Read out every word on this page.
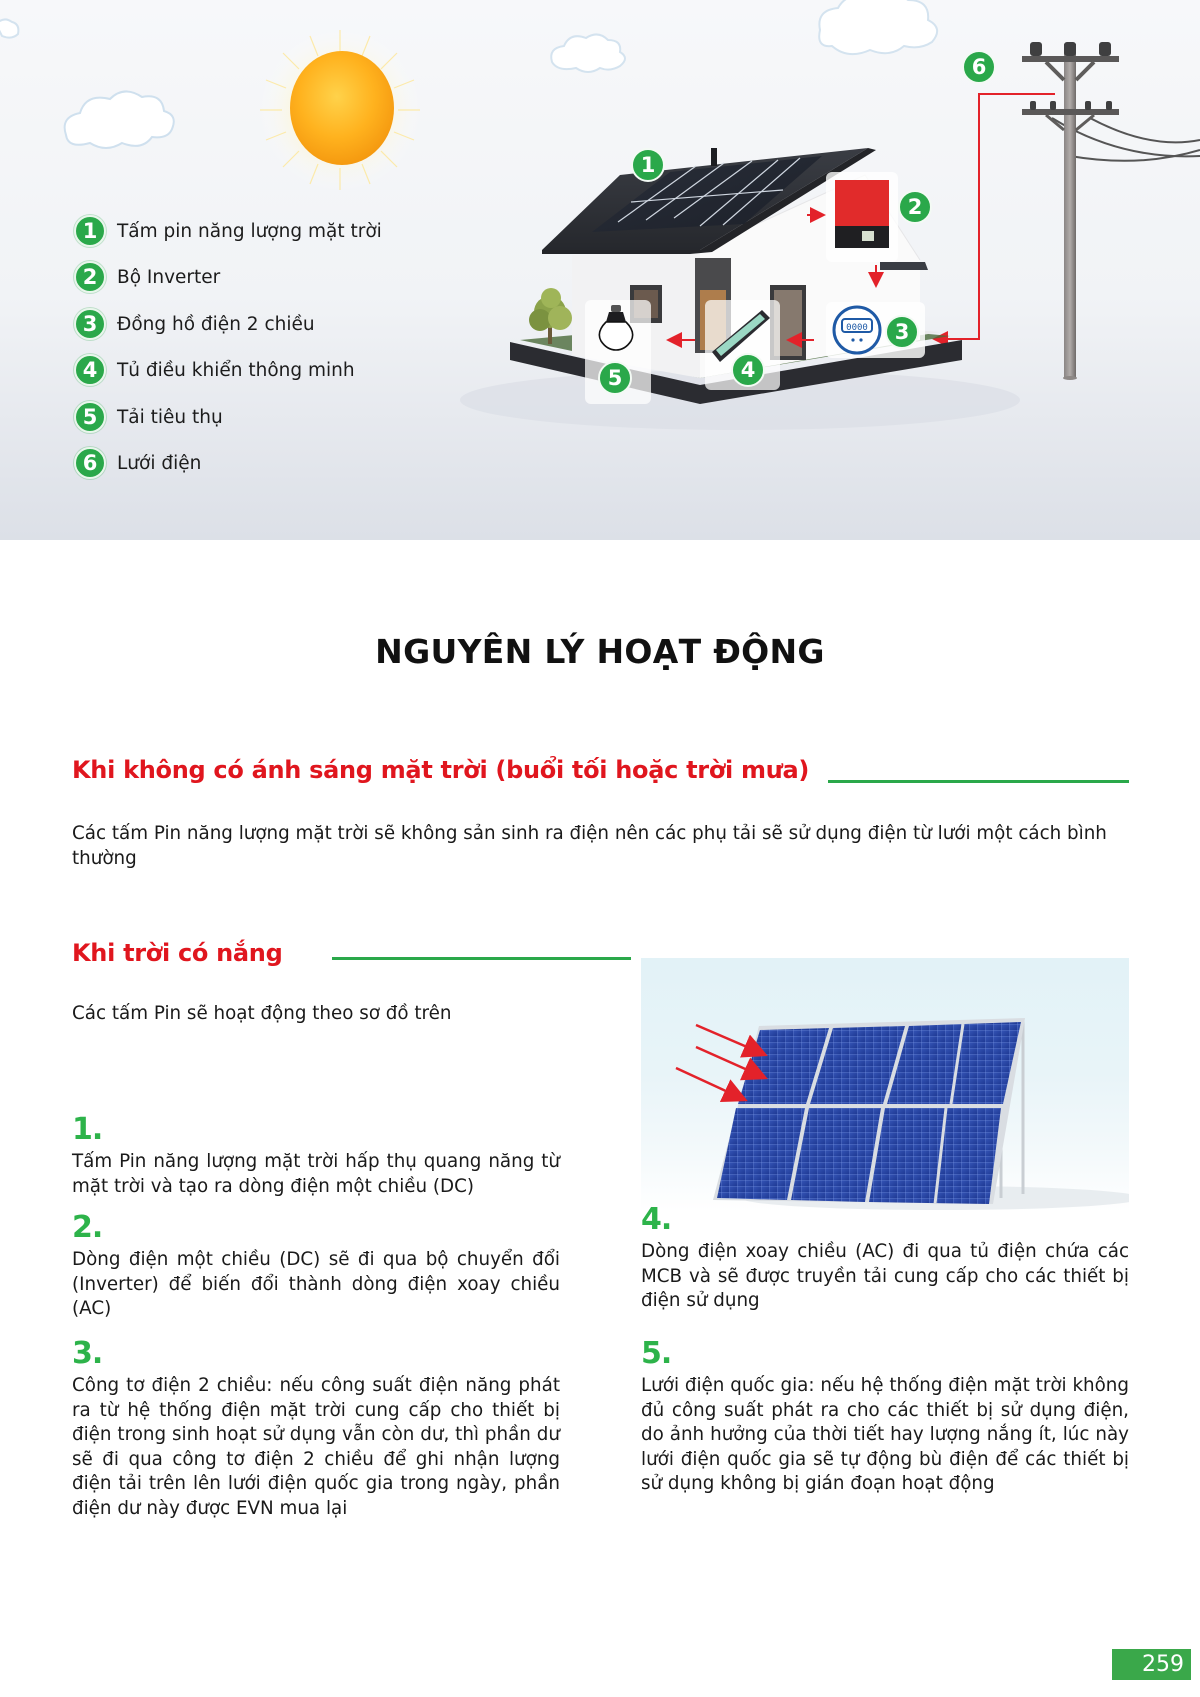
0000
1
2
3
4
5
6
1	Tấm pin năng lượng mặt trời
2	Bộ Inverter
3	Đồng hồ điện 2 chiều
4	Tủ điều khiển thông minh
5	Tải tiêu thụ
6	Lưới điện
NGUYÊN LÝ HOẠT ĐỘNG
Khi không có ánh sáng mặt trời (buổi tối hoặc trời mưa)

Các tấm Pin năng lượng mặt trời sẽ không sản sinh ra điện nên các phụ tải sẽ sử dụng điện từ lưới một cách bình thường

Khi trời có nắng

Các tấm Pin sẽ hoạt động theo sơ đồ trên

1.

Tấm Pin năng lượng mặt trời hấp thụ quang năng từ mặt trời và tạo ra dòng điện một chiều (DC)

2.

Dòng điện một chiều (DC) sẽ đi qua bộ chuyển đổi (Inverter) để biến đổi thành dòng điện xoay chiều (AC)

3.

Công tơ điện 2 chiều: nếu công suất điện năng phát ra từ hệ thống điện mặt trời cung cấp cho thiết bị điện trong sinh hoạt sử dụng vẫn còn dư, thì phần dư sẽ đi qua công tơ điện 2 chiều để ghi nhận lượng điện tải trên lên lưới điện quốc gia trong ngày, phần điện dư này được EVN mua lại

4.

Dòng điện xoay chiều (AC) đi qua tủ điện chứa các MCB và sẽ được truyền tải cung cấp cho các thiết bị điện sử dụng

5.

Lưới điện quốc gia: nếu hệ thống điện mặt trời không đủ công suất phát ra cho các thiết bị sử dụng điện, do ảnh hưởng của thời tiết hay lượng nắng ít, lúc này lưới điện quốc gia sẽ tự động bù điện để các thiết bị sử dụng không bị gián đoạn hoạt động

259
